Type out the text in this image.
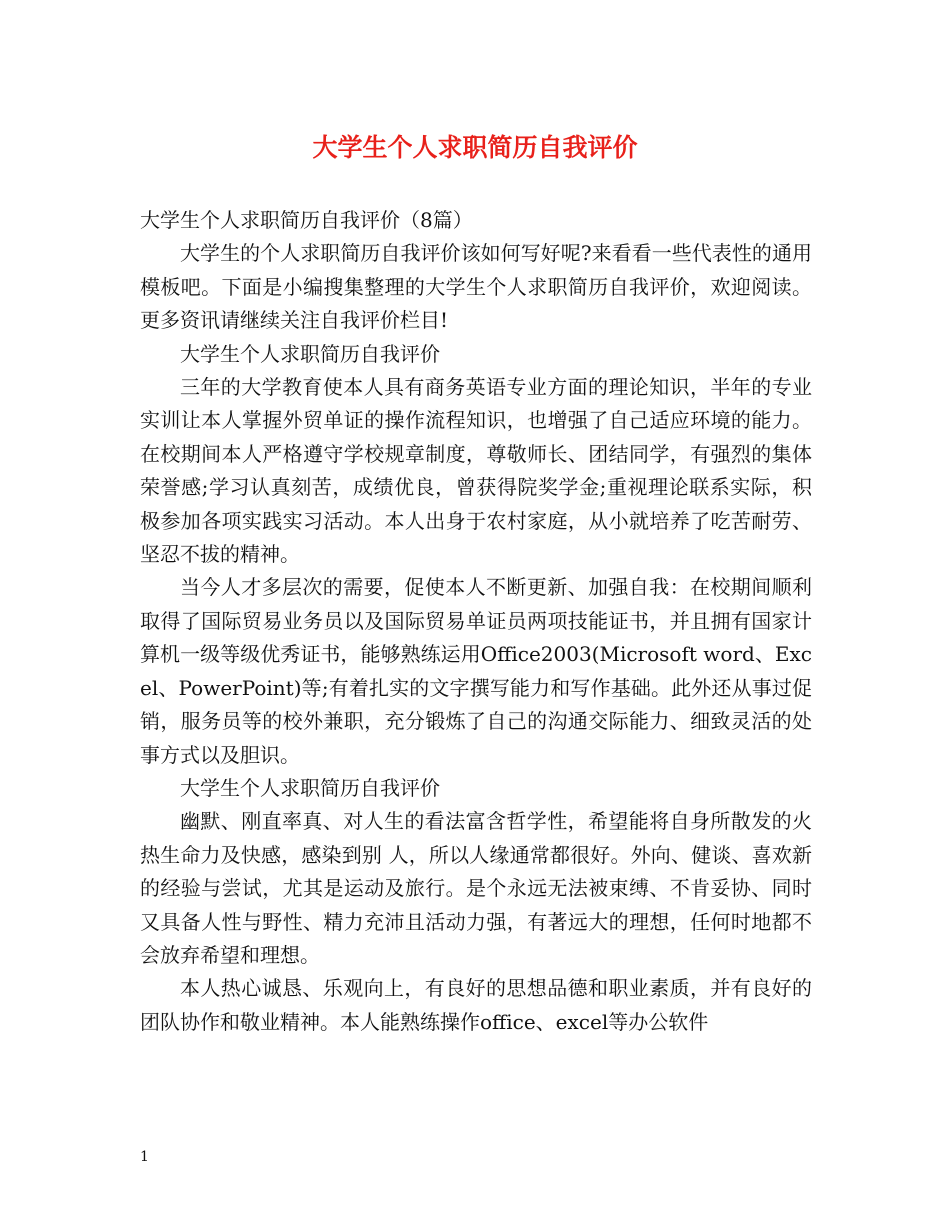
大学生个人求职简历自我评价

大学生个人求职简历自我评价（8篇）

大学生的个人求职简历自我评价该如何写好呢?来看看一些代表性的通用模板吧。下面是小编搜集整理的大学生个人求职简历自我评价，欢迎阅读。更多资讯请继续关注自我评价栏目!

大学生个人求职简历自我评价

三年的大学教育使本人具有商务英语专业方面的理论知识，半年的专业实训让本人掌握外贸单证的操作流程知识，也增强了自己适应环境的能力。在校期间本人严格遵守学校规章制度，尊敬师长、团结同学，有强烈的集体荣誉感;学习认真刻苦，成绩优良，曾获得院奖学金;重视理论联系实际，积极参加各项实践实习活动。本人出身于农村家庭，从小就培养了吃苦耐劳、坚忍不拔的精神。

当今人才多层次的需要，促使本人不断更新、加强自我：在校期间顺利取得了国际贸易业务员以及国际贸易单证员两项技能证书，并且拥有国家计算机一级等级优秀证书，能够熟练运用Office2003(Microsoft word、Excel、PowerPoint)等;有着扎实的文字撰写能力和写作基础。此外还从事过促销，服务员等的校外兼职，充分锻炼了自己的沟通交际能力、细致灵活的处事方式以及胆识。

大学生个人求职简历自我评价

幽默、刚直率真、对人生的看法富含哲学性，希望能将自身所散发的火热生命力及快感，感染到别 人，所以人缘通常都很好。外向、健谈、喜欢新的经验与尝试，尤其是运动及旅行。是个永远无法被束缚、不肯妥协、同时又具备人性与野性、精力充沛且活动力强，有著远大的理想，任何时地都不会放弃希望和理想。

本人热心诚恳、乐观向上，有良好的思想品德和职业素质，并有良好的团队协作和敬业精神。本人能熟练操作office、excel等办公软件

1
